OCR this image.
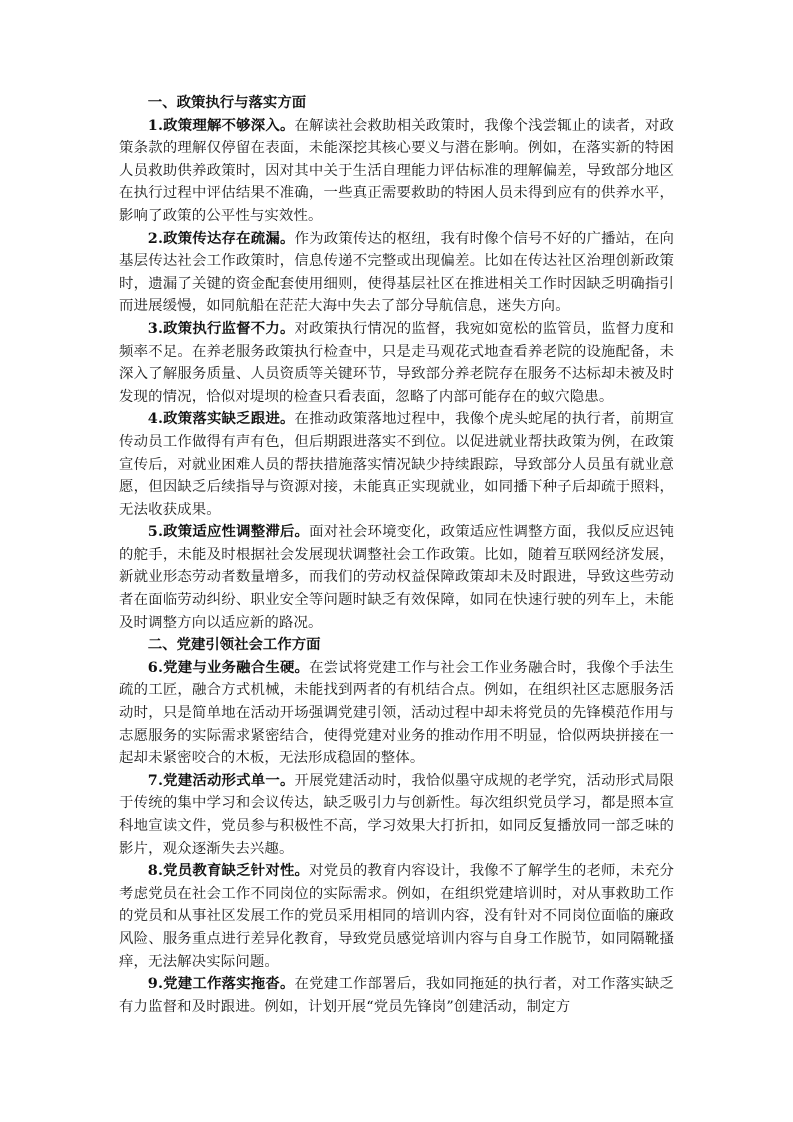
一、政策执行与落实方面

1.政策理解不够深入。在解读社会救助相关政策时，我像个浅尝辄止的读者，对政策条款的理解仅停留在表面，未能深挖其核心要义与潜在影响。例如，在落实新的特困人员救助供养政策时，因对其中关于生活自理能力评估标准的理解偏差，导致部分地区在执行过程中评估结果不准确，一些真正需要救助的特困人员未得到应有的供养水平，影响了政策的公平性与实效性。

2.政策传达存在疏漏。作为政策传达的枢纽，我有时像个信号不好的广播站，在向基层传达社会工作政策时，信息传递不完整或出现偏差。比如在传达社区治理创新政策时，遗漏了关键的资金配套使用细则，使得基层社区在推进相关工作时因缺乏明确指引而进展缓慢，如同航船在茫茫大海中失去了部分导航信息，迷失方向。

3.政策执行监督不力。对政策执行情况的监督，我宛如宽松的监管员，监督力度和频率不足。在养老服务政策执行检查中，只是走马观花式地查看养老院的设施配备，未深入了解服务质量、人员资质等关键环节，导致部分养老院存在服务不达标却未被及时发现的情况，恰似对堤坝的检查只看表面，忽略了内部可能存在的蚁穴隐患。

4.政策落实缺乏跟进。在推动政策落地过程中，我像个虎头蛇尾的执行者，前期宣传动员工作做得有声有色，但后期跟进落实不到位。以促进就业帮扶政策为例，在政策宣传后，对就业困难人员的帮扶措施落实情况缺少持续跟踪，导致部分人员虽有就业意愿，但因缺乏后续指导与资源对接，未能真正实现就业，如同播下种子后却疏于照料，无法收获成果。

5.政策适应性调整滞后。面对社会环境变化，政策适应性调整方面，我似反应迟钝的舵手，未能及时根据社会发展现状调整社会工作政策。比如，随着互联网经济发展，新就业形态劳动者数量增多，而我们的劳动权益保障政策却未及时跟进，导致这些劳动者在面临劳动纠纷、职业安全等问题时缺乏有效保障，如同在快速行驶的列车上，未能及时调整方向以适应新的路况。

二、党建引领社会工作方面

6.党建与业务融合生硬。在尝试将党建工作与社会工作业务融合时，我像个手法生疏的工匠，融合方式机械，未能找到两者的有机结合点。例如，在组织社区志愿服务活动时，只是简单地在活动开场强调党建引领，活动过程中却未将党员的先锋模范作用与志愿服务的实际需求紧密结合，使得党建对业务的推动作用不明显，恰似两块拼接在一起却未紧密咬合的木板，无法形成稳固的整体。

7.党建活动形式单一。开展党建活动时，我恰似墨守成规的老学究，活动形式局限于传统的集中学习和会议传达，缺乏吸引力与创新性。每次组织党员学习，都是照本宣科地宣读文件，党员参与积极性不高，学习效果大打折扣，如同反复播放同一部乏味的影片，观众逐渐失去兴趣。

8.党员教育缺乏针对性。对党员的教育内容设计，我像不了解学生的老师，未充分考虑党员在社会工作不同岗位的实际需求。例如，在组织党建培训时，对从事救助工作的党员和从事社区发展工作的党员采用相同的培训内容，没有针对不同岗位面临的廉政风险、服务重点进行差异化教育，导致党员感觉培训内容与自身工作脱节，如同隔靴搔痒，无法解决实际问题。

9.党建工作落实拖沓。在党建工作部署后，我如同拖延的执行者，对工作落实缺乏有力监督和及时跟进。例如，计划开展“党员先锋岗”创建活动，制定方
